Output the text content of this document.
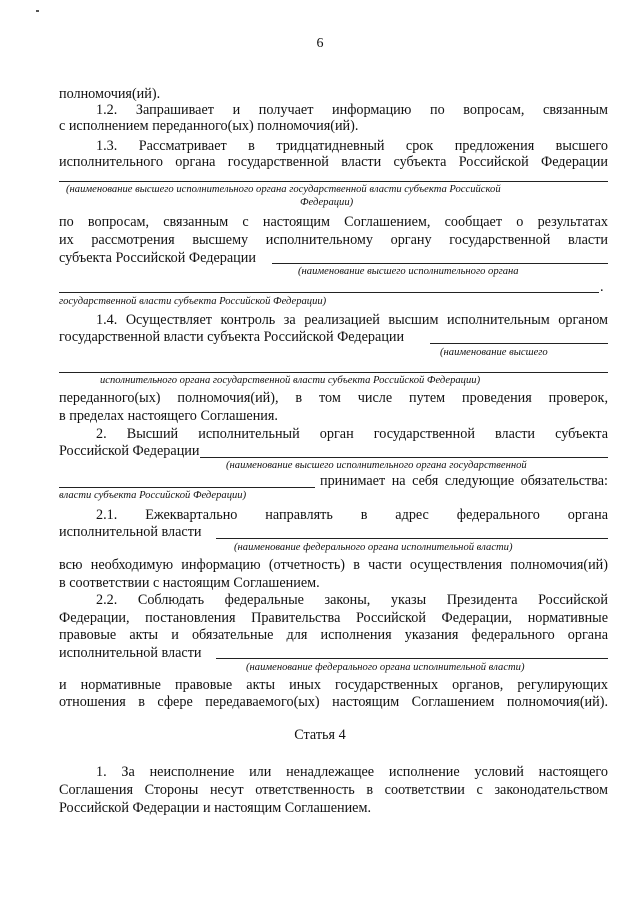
6
полномочия(ий).
1.2. Запрашивает и получает информацию по вопросам, связанным
с исполнением переданного(ых) полномочия(ий).
1.3. Рассматривает в тридцатидневный срок предложения высшего
исполнительного органа государственной власти субъекта Российской Федерации
(наименование высшего исполнительного органа государственной власти субъекта Российской
Федерации)
по вопросам, связанным с настоящим Соглашением, сообщает о результатах
их рассмотрения высшему исполнительному органу государственной власти
субъекта Российской Федерации
(наименование высшего исполнительного органа
.
государственной власти субъекта Российской Федерации)
1.4. Осуществляет контроль за реализацией высшим исполнительным органом
государственной власти субъекта Российской Федерации
(наименование высшего
исполнительного органа государственной власти субъекта Российской Федерации)
переданного(ых) полномочия(ий), в том числе путем проведения проверок,
в пределах настоящего Соглашения.
2. Высший исполнительный орган государственной власти субъекта
Российской Федерации
(наименование высшего исполнительного органа государственной
принимает на себя следующие обязательства:
власти субъекта Российской Федерации)
2.1. Ежеквартально направлять в адрес федерального органа
исполнительной власти
(наименование федерального органа исполнительной власти)
всю необходимую информацию (отчетность) в части осуществления полномочия(ий)
в соответствии с настоящим Соглашением.
2.2. Соблюдать федеральные законы, указы Президента Российской
Федерации, постановления Правительства Российской Федерации, нормативные
правовые акты и обязательные для исполнения указания федерального органа
исполнительной власти
(наименование федерального органа исполнительной власти)
и нормативные правовые акты иных государственных органов, регулирующих
отношения в сфере передаваемого(ых) настоящим Соглашением полномочия(ий).
Статья 4
1. За неисполнение или ненадлежащее исполнение условий настоящего
Соглашения Стороны несут ответственность в соответствии с законодательством
Российской Федерации и настоящим Соглашением.
